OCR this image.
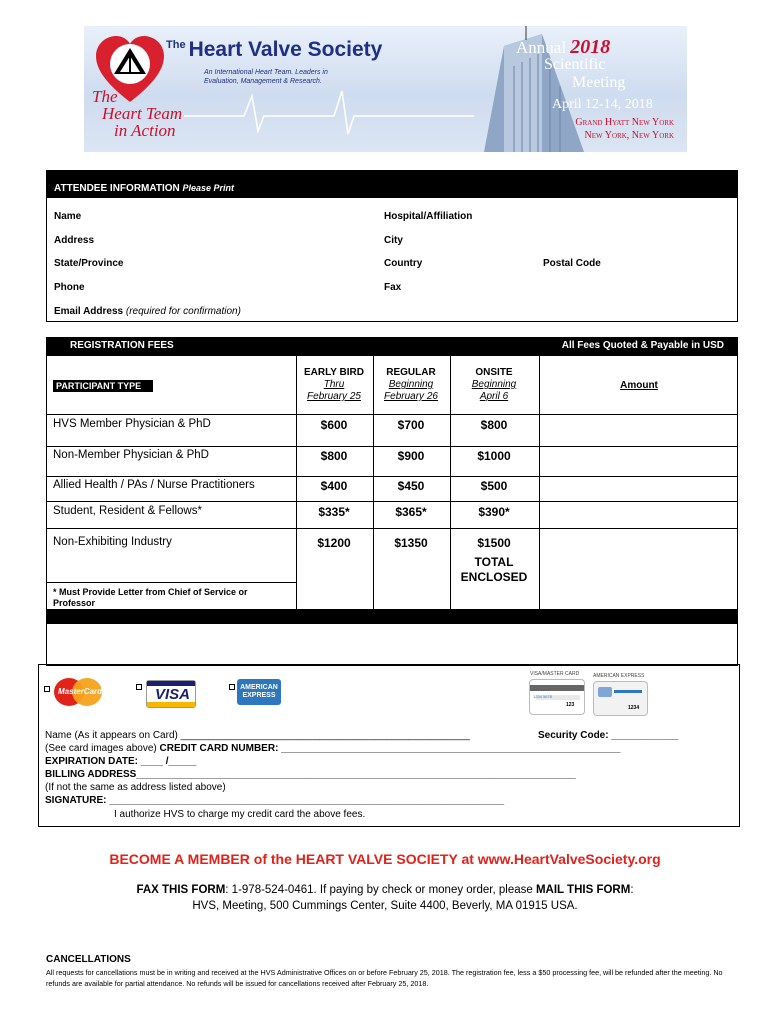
$^{The}$ Heart Valve Society
An International Heart Team. Leaders in Evaluation, Management & Research.
The
Heart Team
in Action
Annual 2018
Scientific
Meeting
April 12-14, 2018
Grand Hyatt New York
New York, New York
ATTENDEE INFORMATION Please Print
Name	Hospital/Affiliation
Address	City
State/Province	Country	Postal Code
Phone	Fax
Email Address (required for confirmation)
REGISTRATION FEES	All Fees Quoted & Payable in USD
PARTICIPANT TYPE
EARLY BIRD
Thru
February 25
REGULAR
Beginning
February 26
ONSITE
Beginning
April 6
Amount
HVS Member Physician & PhD	$600	$700	$800
Non-Member Physician & PhD	$800	$900	$1000
Allied Health / PAs / Nurse Practitioners	$400	$450	$500
Student, Resident & Fellows*	$335*	$365*	$390*
Non-Exhibiting Industry	$1200	$1350	$1500
TOTAL
ENCLOSED
* Must Provide Letter from Chief of Service or Professor
MasterCard	VISA	AMERICAN EXPRESS
VISA/MASTER CARD
123
1234 5678
AMERICAN EXPRESS
1234
Name (As it appears on Card) ____________________________________________________	Security Code: ____________
(See card images above) CREDIT CARD NUMBER: _____________________________________________________________
EXPIRATION DATE: ____ /_____
BILLING ADDRESS_______________________________________________________________________________
(If not the same as address listed above)
SIGNATURE: _______________________________________________________________________
I authorize HVS to charge my credit card the above fees.
BECOME A MEMBER of the HEART VALVE SOCIETY at www.HeartValveSociety.org
FAX THIS FORM: 1-978-524-0461. If paying by check or money order, please MAIL THIS FORM:
HVS, Meeting, 500 Cummings Center, Suite 4400, Beverly, MA 01915 USA.
CANCELLATIONS
All requests for cancellations must be in writing and received at the HVS Administrative Offices on or before February 25, 2018. The registration fee, less a $50 processing fee, will be refunded after the meeting. No refunds are available for partial attendance. No refunds will be issued for cancellations received after February 25, 2018.
